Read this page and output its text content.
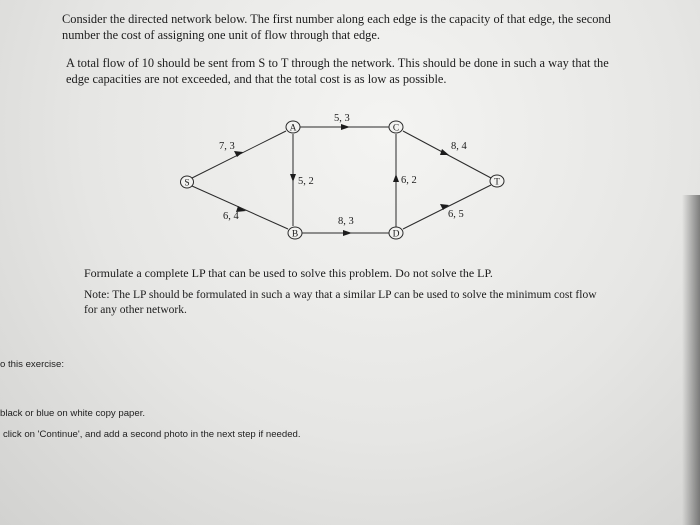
Consider the directed network below. The first number along each edge is the capacity of that edge, the second number the cost of assigning one unit of flow through that edge.

A total flow of 10 should be sent from S to T through the network. This should be done in such a way that the edge capacities are not exceeded, and that the total cost is as low as possible.

S
A
B
C
D
T
7, 3
6, 4
5, 3
5, 2
8, 3
6, 2
8, 4
6, 5

Formulate a complete LP that can be used to solve this problem. Do not solve the LP.

Note: The LP should be formulated in such a way that a similar LP can be used to solve the minimum cost flow for any other network.

o this exercise:
black or blue on white copy paper.
click on 'Continue', and add a second photo in the next step if needed.
